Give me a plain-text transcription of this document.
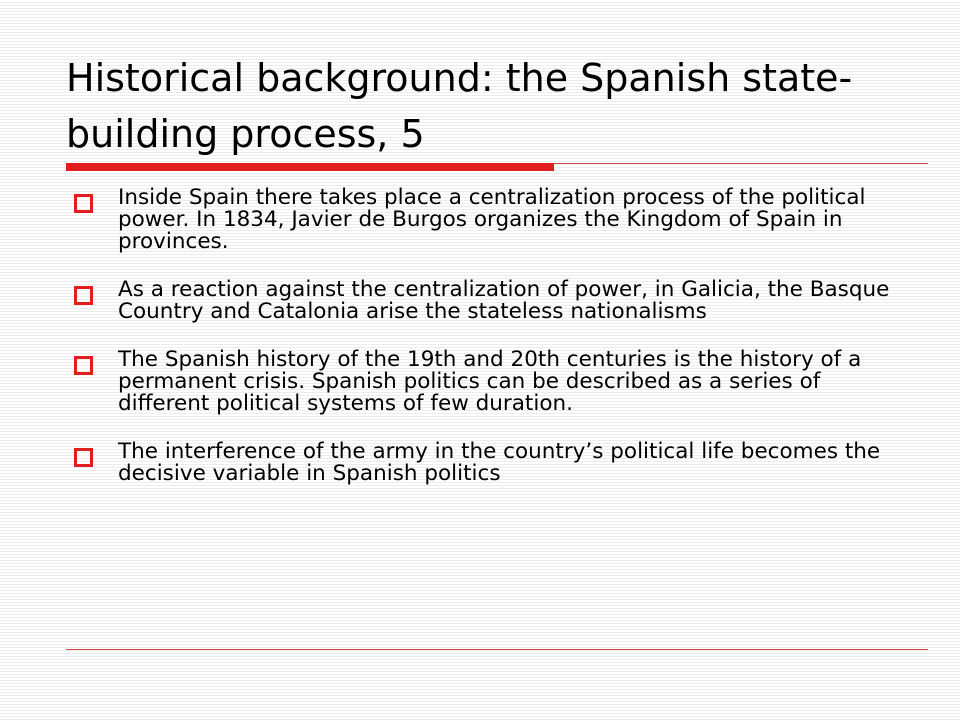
Historical background: the Spanish state-building process, 5
Inside Spain there takes place a centralization process of the political power. In 1834, Javier de Burgos organizes the Kingdom of Spain in provinces.
As a reaction against the centralization of power, in Galicia, the Basque Country and Catalonia arise the stateless nationalisms
The Spanish history of the 19th and 20th centuries is the history of a permanent crisis. Spanish politics can be described as a series of different political systems of few duration.
The interference of the army in the country’s political life becomes the decisive variable in Spanish politics
